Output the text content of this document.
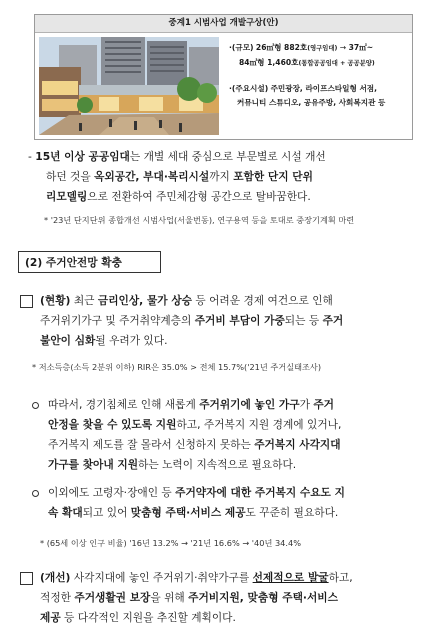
중계1 시범사업 개발구상(안)
·(규모) 26㎡형 882호(영구임대) → 37㎡~
84㎡형 1,460호(통합공공임대 + 공공분양)
·(주요시설) 주민광장, 라이프스타일형 서점,
커뮤니티 스튜디오, 공유주방, 사회복지관 등
- 15년 이상 공공임대는 개별 세대 중심으로 부문별로 시설 개선
하던 것을 옥외공간, 부대·복리시설까지 포함한 단지 단위
리모델링으로 전환하여 주민체감형 공간으로 탈바꿈한다.
* '23년 단지단위 종합개선 시범사업(서울번동), 연구용역 등을 토대로 중장기계획 마련
(2) 주거안전망 확충
(현황) 최근 금리인상, 물가 상승 등 어려운 경제 여건으로 인해
주거위기가구 및 주거취약계층의 주거비 부담이 가중되는 등 주거
불안이 심화될 우려가 있다.
* 저소득층(소득 2분위 이하) RIR은 35.0% > 전체 15.7%('21년 주거실태조사)
따라서, 경기침체로 인해 새롭게 주거위기에 놓인 가구가 주거
안정을 찾을 수 있도록 지원하고, 주거복지 지원 경계에 있거나,
주거복지 제도를 잘 몰라서 신청하지 못하는 주거복지 사각지대
가구를 찾아내 지원하는 노력이 지속적으로 필요하다.
이외에도 고령자·장애인 등 주거약자에 대한 주거복지 수요도 지
속 확대되고 있어 맞춤형 주택·서비스 제공도 꾸준히 필요하다.
* (65세 이상 인구 비율) '16년 13.2% → '21년 16.6% → '40년 34.4%
(개선) 사각지대에 놓인 주거위기·취약가구를 선제적으로 발굴하고,
적정한 주거생활권 보장을 위해 주거비지원, 맞춤형 주택·서비스
제공 등 다각적인 지원을 추진할 계획이다.
